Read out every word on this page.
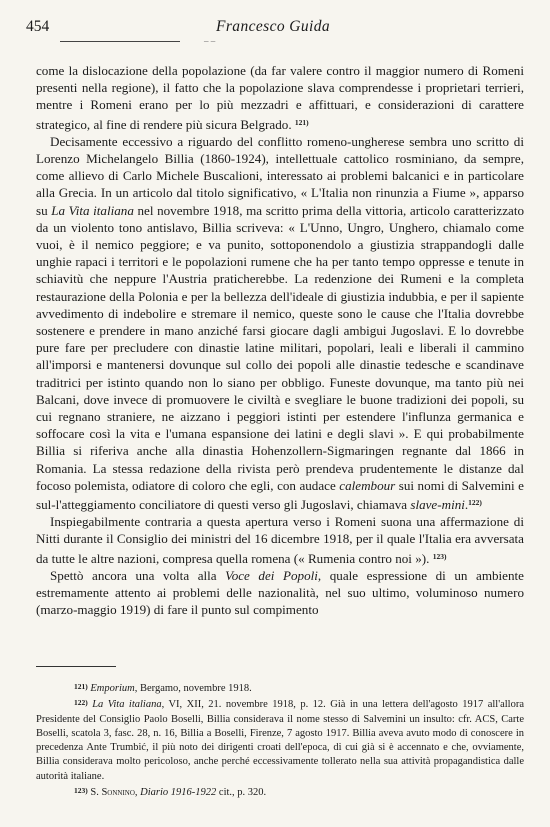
454	Francesco Guida
– –

come la dislocazione della popolazione (da far valere contro il maggior numero di Romeni presenti nella regione), il fatto che la popolazione slava comprendesse i proprietari terrieri, mentre i Romeni erano per lo più mezzadri e affittuari, e considerazioni di carattere strategico, al fine di rendere più sicura Belgrado. $^{121)}$

Decisamente eccessivo a riguardo del conflitto romeno-ungherese sembra uno scritto di Lorenzo Michelangelo Billia (1860-1924), intellettuale cattolico rosminiano, da sempre, come allievo di Carlo Michele Buscalioni, interessato ai problemi balcanici e in particolare alla Grecia. In un articolo dal titolo significativo, « L'Italia non rinunzia a Fiume », apparso su La Vita italiana nel novembre 1918, ma scritto prima della vittoria, articolo caratterizzato da un violento tono antislavo, Billia scriveva: « L'Unno, Ungro, Unghero, chiamalo come vuoi, è il nemico peggiore; e va punito, sottoponendolo a giustizia strappandogli dalle unghie rapaci i territori e le popolazioni rumene che ha per tanto tempo oppresse e tenute in schiavitù che neppure l'Austria praticherebbe. La redenzione dei Rumeni e la completa restaurazione della Polonia e per la bellezza dell'ideale di giustizia indubbia, e per il sapiente avvedimento di indebolire e stremare il nemico, queste sono le cause che l'Italia dovrebbe sostenere e prendere in mano anziché farsi giocare dagli ambigui Jugoslavi. E lo dovrebbe pure fare per precludere con dinastie latine militari, popolari, leali e liberali il cammino all'imporsi e mantenersi dovunque sul collo dei popoli alle dinastie tedesche e scandinave traditrici per istinto quando non lo siano per obbligo. Funeste dovunque, ma tanto più nei Balcani, dove invece di promuovere le civiltà e svegliare le buone tradizioni dei popoli, su cui regnano straniere, ne aizzano i peggiori istinti per estendere l'influnza germanica e soffocare così la vita e l'umana espansione dei latini e degli slavi ». E qui probabilmente Billia si riferiva anche alla dinastia Hohenzollern-Sigmaringen regnante dal 1866 in Romania. La stessa redazione della rivista però prendeva prudentemente le distanze dal focoso polemista, odiatore di coloro che egli, con audace calembour sui nomi di Salvemini e sul-l'atteggiamento conciliatore di questi verso gli Jugoslavi, chiamava slave-mini.$^{122)}$

Inspiegabilmente contraria a questa apertura verso i Romeni suona una affermazione di Nitti durante il Consiglio dei ministri del 16 dicembre 1918, per il quale l'Italia era avversata da tutte le altre nazioni, compresa quella romena (« Rumenia contro noi »). $^{123)}$

Spettò ancora una volta alla Voce dei Popoli, quale espressione di un ambiente estremamente attento ai problemi delle nazionalità, nel suo ultimo, voluminoso numero (marzo-maggio 1919) di fare il punto sul compimento

121) Emporium, Bergamo, novembre 1918.

122) La Vita italiana, VI, XII, 21. novembre 1918, p. 12. Già in una lettera dell'agosto 1917 all'allora Presidente del Consiglio Paolo Boselli, Billia considerava il nome stesso di Salvemini un insulto: cfr. ACS, Carte Boselli, scatola 3, fasc. 28, n. 16, Billia a Boselli, Firenze, 7 agosto 1917. Billia aveva avuto modo di conoscere in precedenza Ante Trumbić, il più noto dei dirigenti croati dell'epoca, di cui già si è accennato e che, ovviamente, Billia considerava molto pericoloso, anche perché eccessivamente tollerato nella sua attività propagandistica dalle autorità italiane.

123) S. Sonnino, Diario 1916-1922 cit., p. 320.
